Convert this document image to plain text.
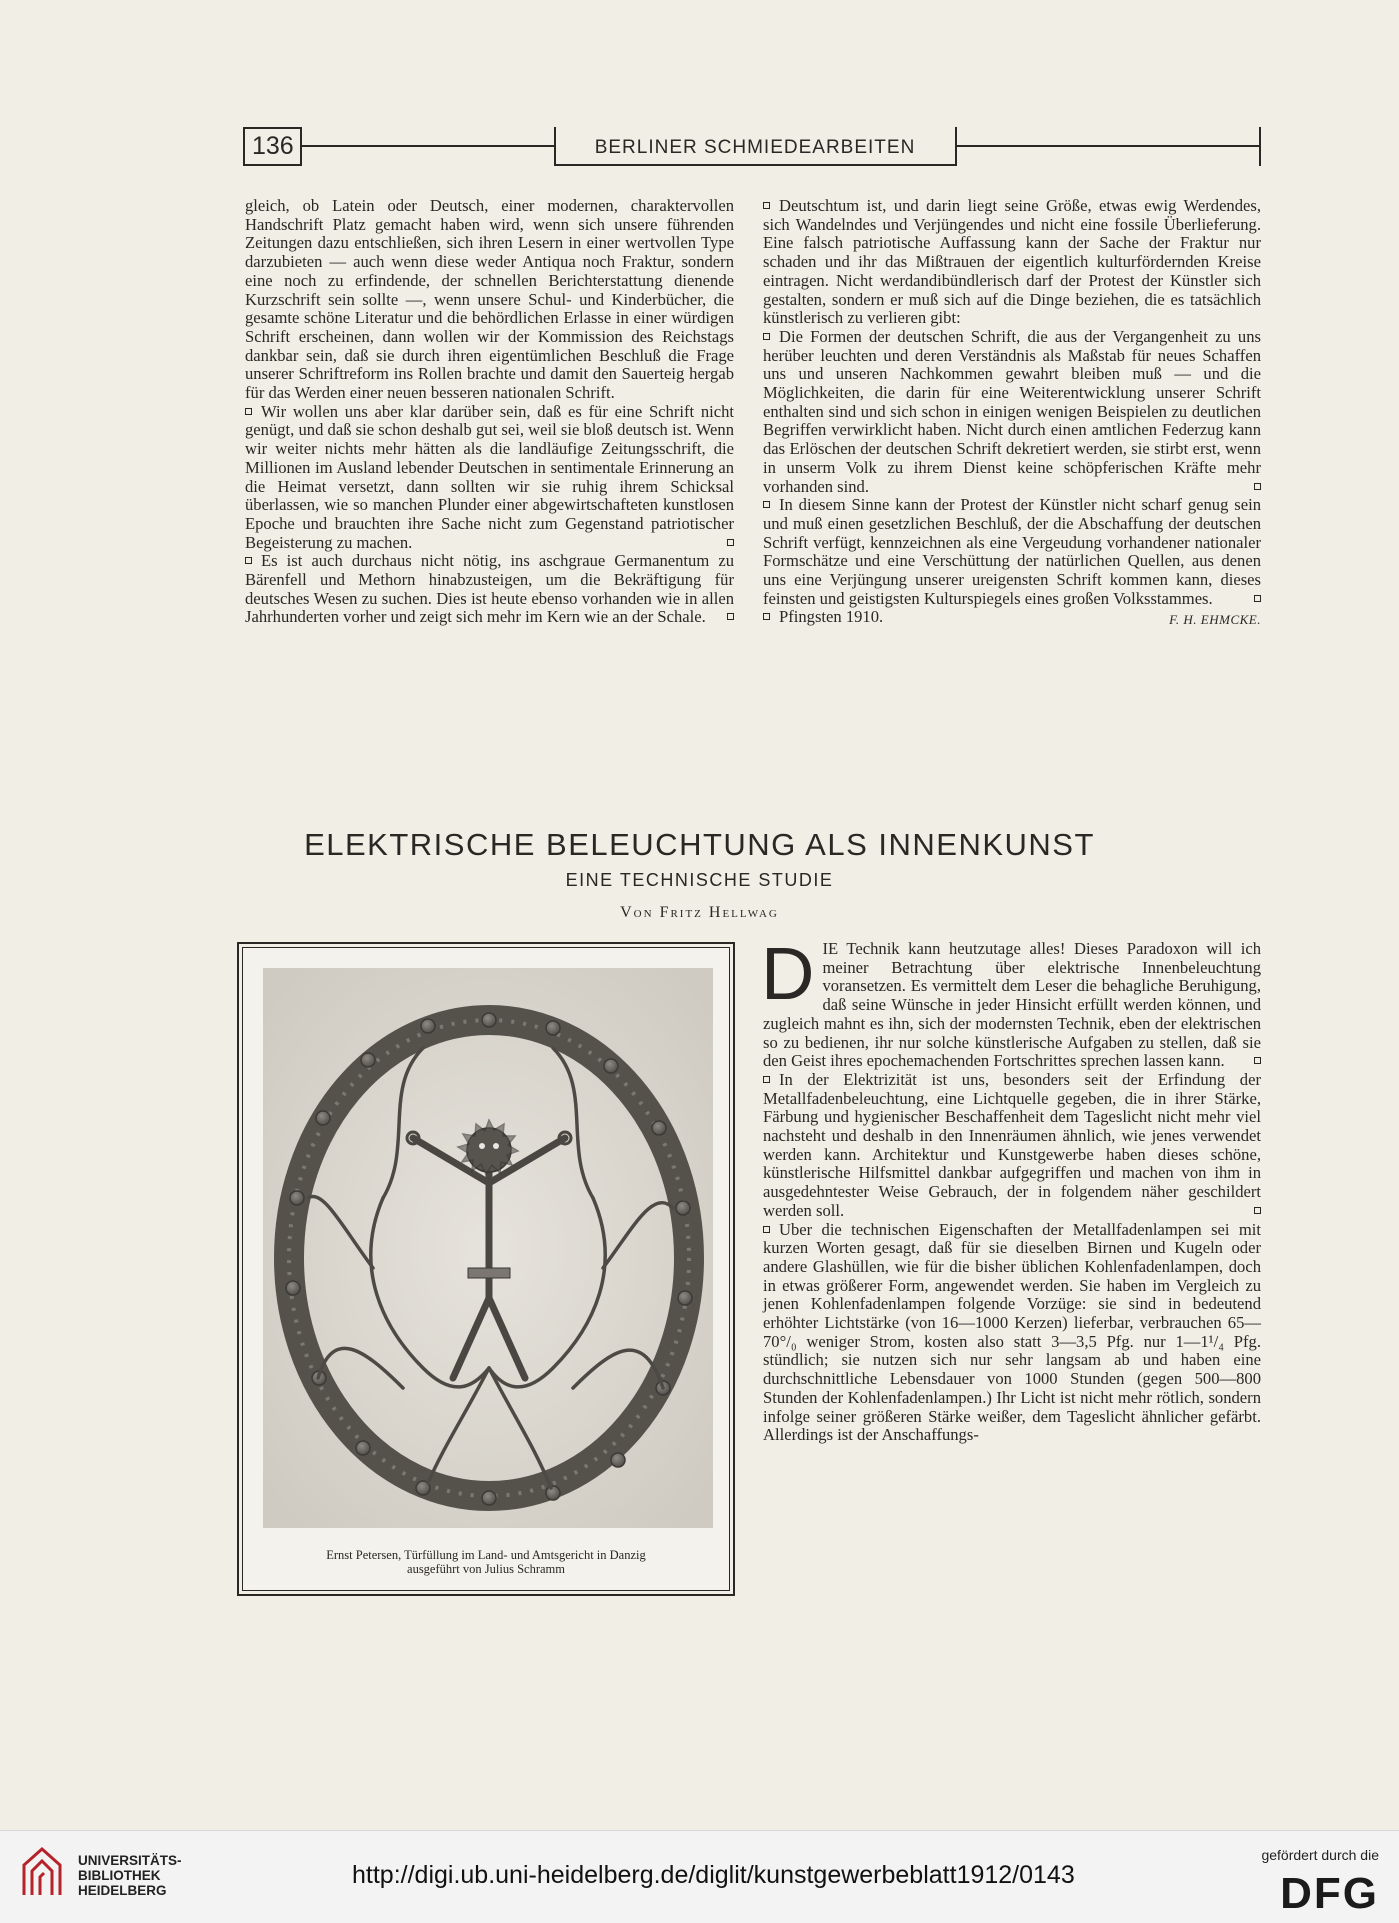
136	BERLINER SCHMIEDEARBEITEN

gleich, ob Latein oder Deutsch, einer modernen, charaktervollen Handschrift Platz gemacht haben wird, wenn sich unsere führenden Zeitungen dazu entschließen, sich ihren Lesern in einer wertvollen Type darzubieten — auch wenn diese weder Antiqua noch Fraktur, sondern eine noch zu erfindende, der schnellen Berichterstattung dienende Kurzschrift sein sollte —, wenn unsere Schul- und Kinderbücher, die gesamte schöne Literatur und die behördlichen Erlasse in einer würdigen Schrift erscheinen, dann wollen wir der Kommission des Reichstags dankbar sein, daß sie durch ihren eigentümlichen Beschluß die Frage unserer Schriftreform ins Rollen brachte und damit den Sauerteig hergab für das Werden einer neuen besseren nationalen Schrift.

Wir wollen uns aber klar darüber sein, daß es für eine Schrift nicht genügt, und daß sie schon deshalb gut sei, weil sie bloß deutsch ist. Wenn wir weiter nichts mehr hätten als die landläufige Zeitungsschrift, die Millionen im Ausland lebender Deutschen in sentimentale Erinnerung an die Heimat versetzt, dann sollten wir sie ruhig ihrem Schicksal überlassen, wie so manchen Plunder einer abgewirtschafteten kunstlosen Epoche und brauchten ihre Sache nicht zum Gegenstand patriotischer Begeisterung zu machen.

Es ist auch durchaus nicht nötig, ins aschgraue Germanentum zu Bärenfell und Methorn hinabzusteigen, um die Bekräftigung für deutsches Wesen zu suchen. Dies ist heute ebenso vorhanden wie in allen Jahrhunderten vorher und zeigt sich mehr im Kern wie an der Schale.

Deutschtum ist, und darin liegt seine Größe, etwas ewig Werdendes, sich Wandelndes und Verjüngendes und nicht eine fossile Überlieferung. Eine falsch patriotische Auffassung kann der Sache der Fraktur nur schaden und ihr das Mißtrauen der eigentlich kulturfördernden Kreise eintragen. Nicht werdandibündlerisch darf der Protest der Künstler sich gestalten, sondern er muß sich auf die Dinge beziehen, die es tatsächlich künstlerisch zu verlieren gibt:

Die Formen der deutschen Schrift, die aus der Vergangenheit zu uns herüber leuchten und deren Verständnis als Maßstab für neues Schaffen uns und unseren Nachkommen gewahrt bleiben muß — und die Möglichkeiten, die darin für eine Weiterentwicklung unserer Schrift enthalten sind und sich schon in einigen wenigen Beispielen zu deutlichen Begriffen verwirklicht haben. Nicht durch einen amtlichen Federzug kann das Erlöschen der deutschen Schrift dekretiert werden, sie stirbt erst, wenn in unserm Volk zu ihrem Dienst keine schöpferischen Kräfte mehr vorhanden sind.

In diesem Sinne kann der Protest der Künstler nicht scharf genug sein und muß einen gesetzlichen Beschluß, der die Abschaffung der deutschen Schrift verfügt, kennzeichnen als eine Vergeudung vorhandener nationaler Formschätze und eine Verschüttung der natürlichen Quellen, aus denen uns eine Verjüngung unserer ureigensten Schrift kommen kann, dieses feinsten und geistigsten Kulturspiegels eines großen Volksstammes.

Pfingsten 1910.	F. H. EHMCKE.

ELEKTRISCHE BELEUCHTUNG ALS INNENKUNST
EINE TECHNISCHE STUDIE
Von Fritz Hellwag
Ernst Petersen, Türfüllung im Land- und Amtsgericht in Danzig
ausgeführt von Julius Schramm

DIE Technik kann heutzutage alles! Dieses Paradoxon will ich meiner Betrachtung über elektrische Innenbeleuchtung voransetzen. Es vermittelt dem Leser die behagliche Beruhigung, daß seine Wünsche in jeder Hinsicht erfüllt werden können, und zugleich mahnt es ihn, sich der modernsten Technik, eben der elektrischen so zu bedienen, ihr nur solche künstlerische Aufgaben zu stellen, daß sie den Geist ihres epochemachenden Fortschrittes sprechen lassen kann.

In der Elektrizität ist uns, besonders seit der Erfindung der Metallfadenbeleuchtung, eine Lichtquelle gegeben, die in ihrer Stärke, Färbung und hygienischer Beschaffenheit dem Tageslicht nicht mehr viel nachsteht und deshalb in den Innenräumen ähnlich, wie jenes verwendet werden kann. Architektur und Kunstgewerbe haben dieses schöne, künstlerische Hilfsmittel dankbar aufgegriffen und machen von ihm in ausgedehntester Weise Gebrauch, der in folgendem näher geschildert werden soll.

Uber die technischen Eigenschaften der Metallfadenlampen sei mit kurzen Worten gesagt, daß für sie dieselben Birnen und Kugeln oder andere Glashüllen, wie für die bisher üblichen Kohlenfadenlampen, doch in etwas größerer Form, angewendet werden. Sie haben im Vergleich zu jenen Kohlenfadenlampen folgende Vorzüge: sie sind in bedeutend erhöhter Lichtstärke (von 16—1000 Kerzen) lieferbar, verbrauchen 65—70°/₀ weniger Strom, kosten also statt 3—3,5 Pfg. nur 1—1¹/₄ Pfg. stündlich; sie nutzen sich nur sehr langsam ab und haben eine durchschnittliche Lebensdauer von 1000 Stunden (gegen 500—800 Stunden der Kohlenfadenlampen.) Ihr Licht ist nicht mehr rötlich, sondern infolge seiner größeren Stärke weißer, dem Tageslicht ähnlicher gefärbt. Allerdings ist der Anschaffungs-

UNIVERSITÄTS-
BIBLIOTHEK
HEIDELBERG
http://digi.ub.uni-heidelberg.de/diglit/kunstgewerbeblatt1912/0143
gefördert durch die
DFG
